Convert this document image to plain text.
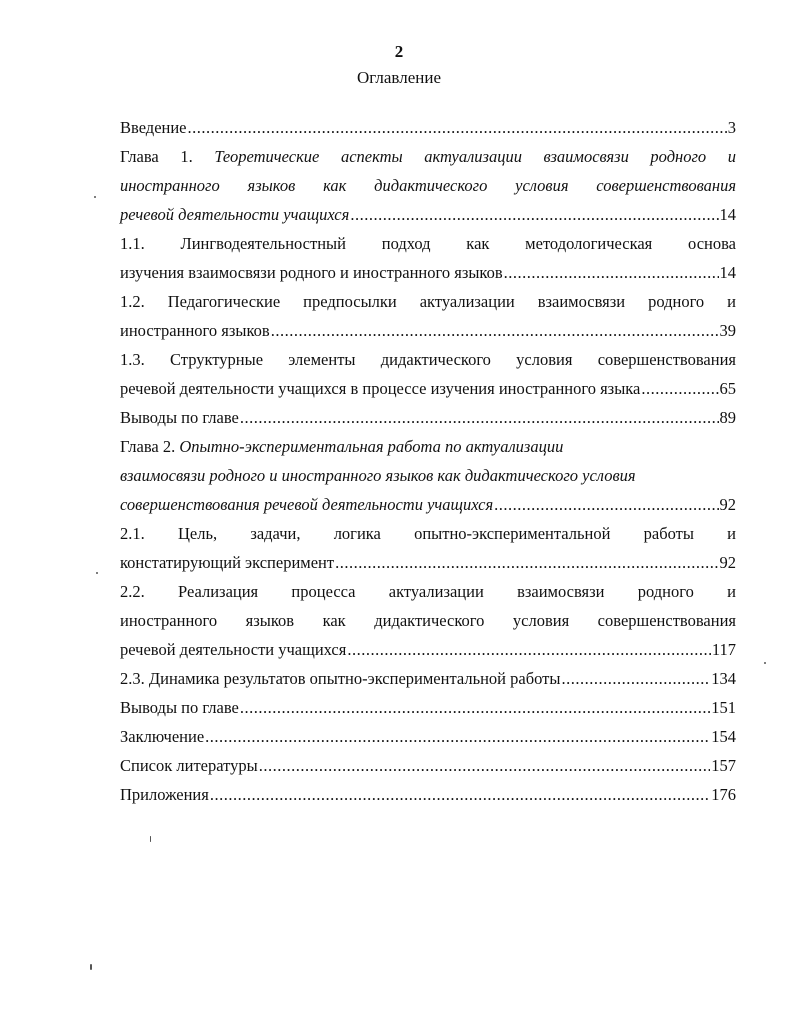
2
Оглавление
Введение .....	3
Глава 1. Теоретические аспекты актуализации взаимосвязи родного и
иностранного языков как дидактического условия совершенствования
речевой деятельности учащихся .....	14
1.1. Лингводеятельностный подход как методологическая основа
изучения взаимосвязи родного и иностранного языков .....	14
1.2. Педагогические предпосылки актуализации взаимосвязи родного и
иностранного языков .....	39
1.3. Структурные элементы дидактического условия совершенствования
речевой деятельности учащихся в процессе изучения иностранного языка .....	65
Выводы по главе .....	89
Глава 2. Опытно-экспериментальная работа по актуализации
взаимосвязи родного и иностранного языков как дидактического условия
совершенствования речевой деятельности учащихся .....	92
2.1. Цель, задачи, логика опытно-экспериментальной работы и
констатирующий эксперимент .....	92
2.2. Реализация процесса актуализации взаимосвязи родного и
иностранного языков как дидактического условия совершенствования
речевой деятельности учащихся .....	117
2.3. Динамика результатов опытно-экспериментальной работы .....	134
Выводы по главе .....	151
Заключение .....	154
Список литературы .....	157
Приложения .....	176
